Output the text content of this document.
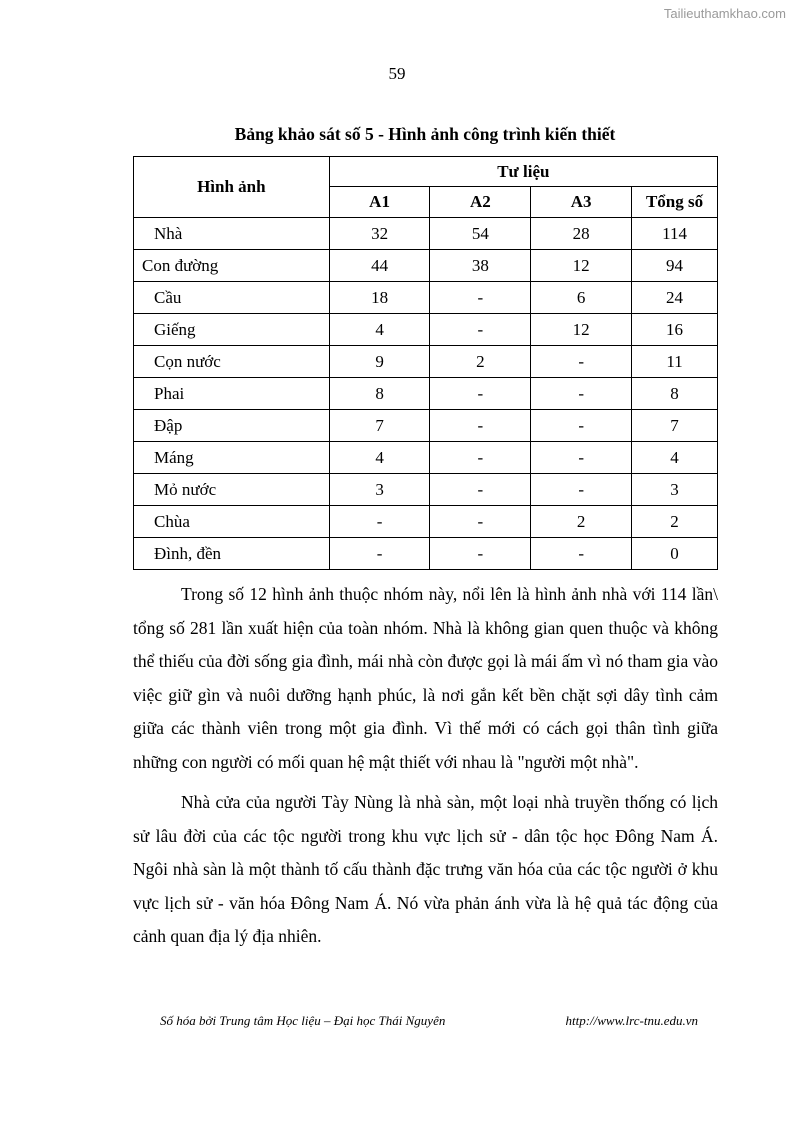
Tailieuthamkhao.com
59
Bảng khảo sát số 5 - Hình ảnh công trình kiến thiết
Hình ảnh	Tư liệu			
	A1	A2	A3	Tổng số
Nhà	32	54	28	114
Con đường	44	38	12	94
Cầu	18	-	6	24
Giếng	4	-	12	16
Cọn nước	9	2	-	11
Phai	8	-	-	8
Đập	7	-	-	7
Máng	4	-	-	4
Mỏ nước	3	-	-	3
Chùa	-	-	2	2
Đình, đền	-	-	-	0

Trong số 12 hình ảnh thuộc nhóm này, nổi lên là hình ảnh nhà với 114 lần\ tổng số 281 lần xuất hiện của toàn nhóm. Nhà là không gian quen thuộc và không thể thiếu của đời sống gia đình, mái nhà còn được gọi là mái ấm vì nó tham gia vào việc giữ gìn và nuôi dưỡng hạnh phúc, là nơi gắn kết bền chặt sợi dây tình cảm giữa các thành viên trong một gia đình. Vì thế mới có cách gọi thân tình giữa những con người có mối quan hệ mật thiết với nhau là "người một nhà".

Nhà cửa của người Tày Nùng là nhà sàn, một loại nhà truyền thống có lịch sử lâu đời của các tộc người trong khu vực lịch sử - dân tộc học Đông Nam Á. Ngôi nhà sàn là một thành tố cấu thành đặc trưng văn hóa của các tộc người ở khu vực lịch sử - văn hóa Đông Nam Á. Nó vừa phản ánh vừa là hệ quả tác động của cảnh quan địa lý địa nhiên.

Số hóa bởi Trung tâm Học liệu – Đại học Thái Nguyên	http://www.lrc-tnu.edu.vn
